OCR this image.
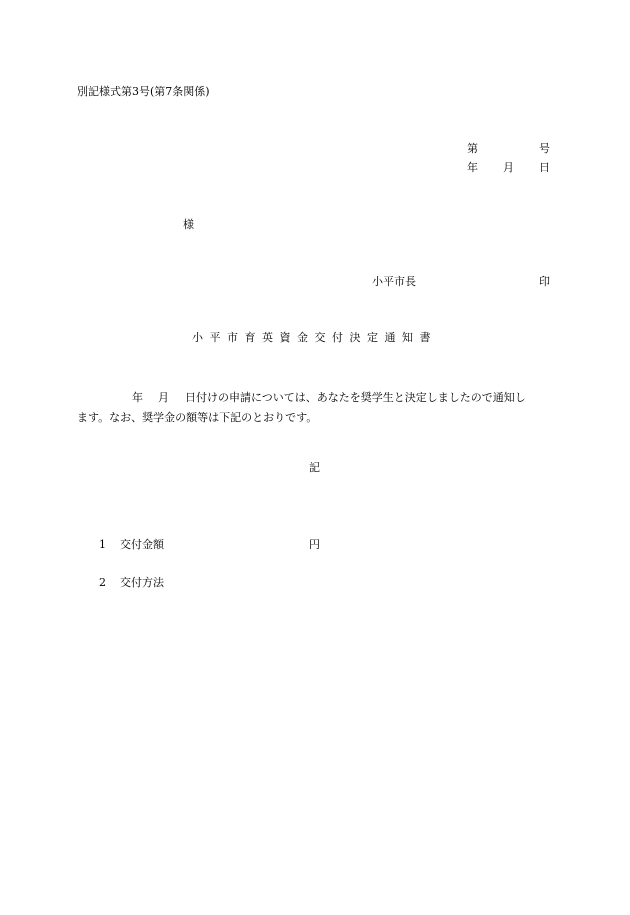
別記様式第3号(第7条関係)
第	号
年 月 日
様
小平市長	印
小平市育英資金交付決定通知書
年 月 日付けの申請については、あなたを奨学生と決定しましたので通知し
ます。なお、奨学金の額等は下記のとおりです。
記
1 交付金額	円
2 交付方法
